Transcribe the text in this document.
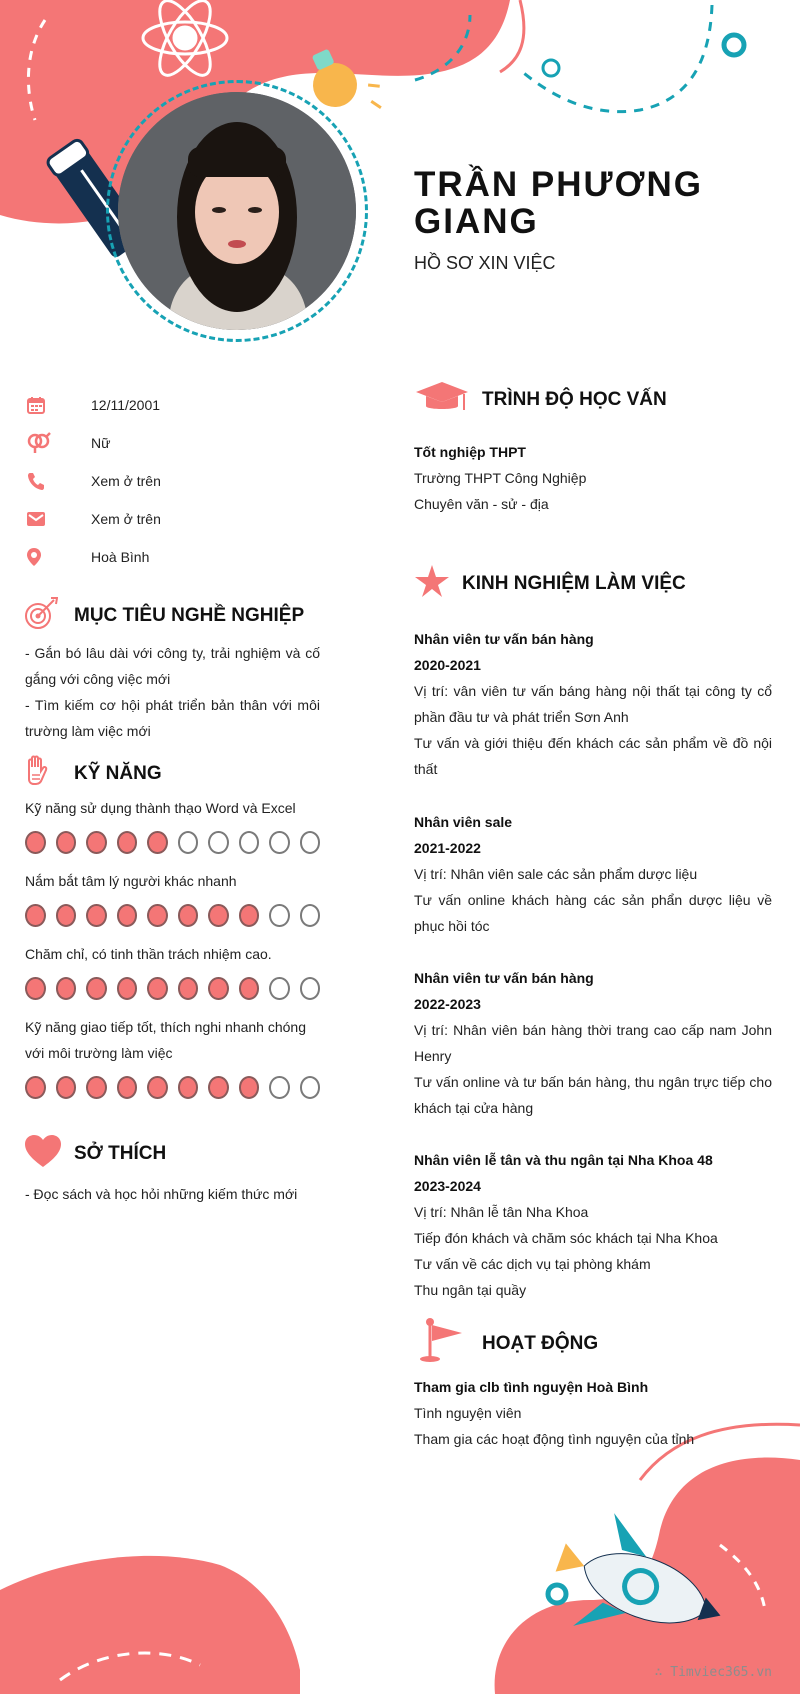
TRẦN PHƯƠNG GIANG
HỒ SƠ XIN VIỆC
12/11/2001
Nữ
Xem ở trên
Xem ở trên
Hoà Bình
MỤC TIÊU NGHỀ NGHIỆP
- Gắn bó lâu dài với công ty, trải nghiệm và cố gắng với công việc mới
- Tìm kiếm cơ hội phát triển bản thân với môi trường làm việc mới
KỸ NĂNG
Kỹ năng sử dụng thành thạo Word và Excel
Nắm bắt tâm lý người khác nhanh
Chăm chỉ, có tinh thần trách nhiệm cao.
Kỹ năng giao tiếp tốt, thích nghi nhanh chóng với môi trường làm việc
SỞ THÍCH
- Đọc sách và học hỏi những kiếm thức mới
TRÌNH ĐỘ HỌC VẤN
Tốt nghiệp THPT
Trường THPT Công Nghiệp
Chuyên văn - sử - địa
KINH NGHIỆM LÀM VIỆC
Nhân viên tư vấn bán hàng
2020-2021
Vị trí: vân viên tư vấn báng hàng nội thất tại công ty cổ phần đầu tư và phát triển Sơn Anh
Tư vấn và giới thiệu đến khách các sản phẩm về đồ nội thất
Nhân viên sale
2021-2022
Vị trí: Nhân viên sale các sản phẩm dược liệu
Tư vấn online khách hàng các sản phẩn dược liệu về phục hồi tóc
Nhân viên tư vấn bán hàng
2022-2023
Vị trí: Nhân viên bán hàng thời trang cao cấp nam John Henry
Tư vấn online và tư bấn bán hàng, thu ngân trực tiếp cho khách tại cửa hàng
Nhân viên lễ tân và thu ngân tại Nha Khoa 48
2023-2024
Vị trí: Nhân lễ tân Nha Khoa
Tiếp đón khách và chăm sóc khách tại Nha Khoa
Tư vấn về các dịch vụ tại phòng khám
Thu ngân tại quầy
HOẠT ĐỘNG
Tham gia clb tình nguyện Hoà Bình
Tình nguyện viên
Tham gia các hoạt động tình nguyện của tỉnh
∴ Timviec365.vn
